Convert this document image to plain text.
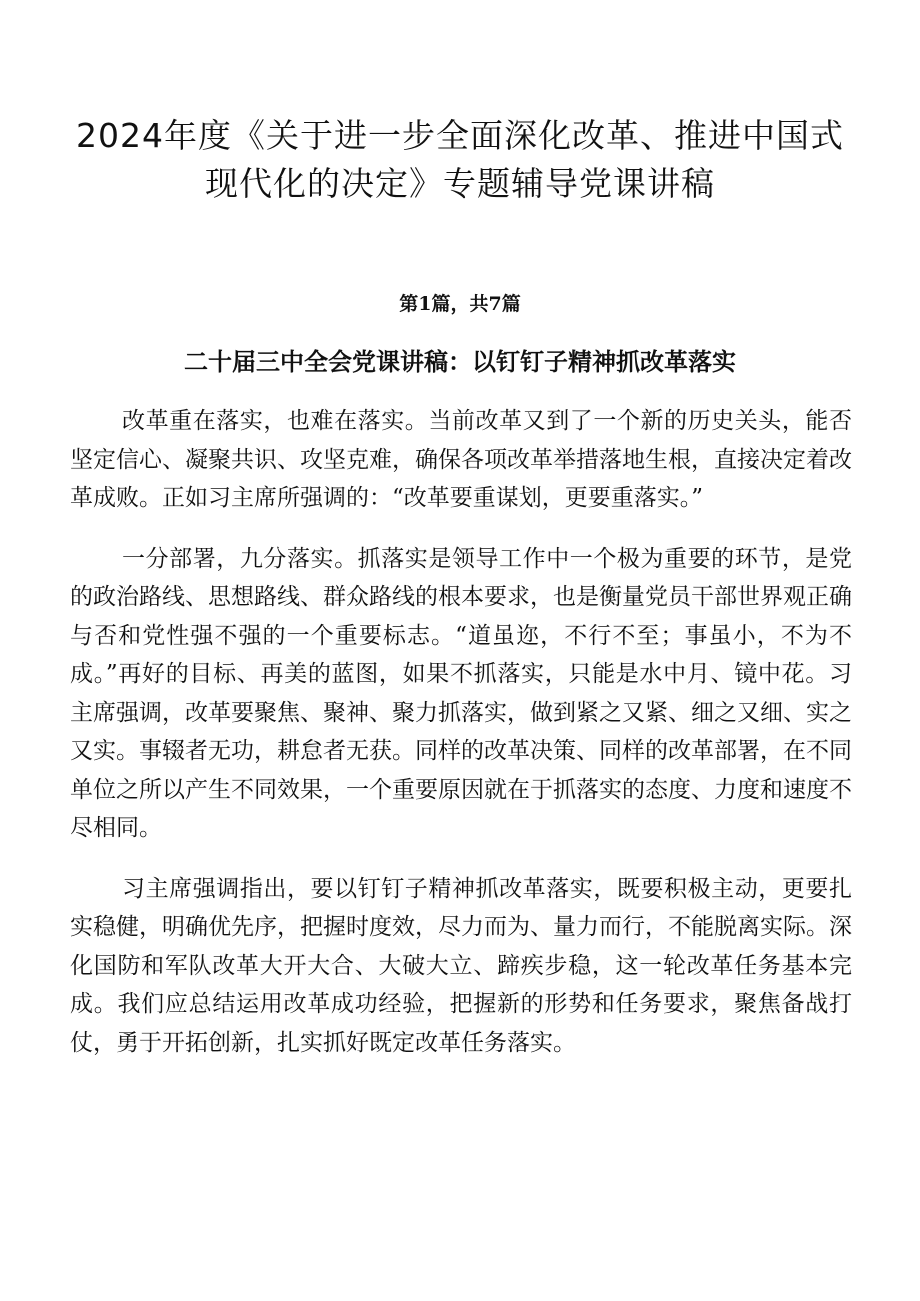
2024年度《关于进一步全面深化改革、推进中国式
现代化的决定》专题辅导党课讲稿
第1篇，共7篇
二十届三中全会党课讲稿：以钉钉子精神抓改革落实

改革重在落实，也难在落实。当前改革又到了一个新的历史关头，能否坚定信心、凝聚共识、攻坚克难，确保各项改革举措落地生根，直接决定着改革成败。正如习主席所强调的：“改革要重谋划，更要重落实。”

一分部署，九分落实。抓落实是领导工作中一个极为重要的环节，是党的政治路线、思想路线、群众路线的根本要求，也是衡量党员干部世界观正确与否和党性强不强的一个重要标志。“道虽迩，不行不至；事虽小，不为不成。”再好的目标、再美的蓝图，如果不抓落实，只能是水中月、镜中花。习主席强调，改革要聚焦、聚神、聚力抓落实，做到紧之又紧、细之又细、实之又实。事辍者无功，耕怠者无获。同样的改革决策、同样的改革部署，在不同单位之所以产生不同效果，一个重要原因就在于抓落实的态度、力度和速度不尽相同。

习主席强调指出，要以钉钉子精神抓改革落实，既要积极主动，更要扎实稳健，明确优先序，把握时度效，尽力而为、量力而行，不能脱离实际。深化国防和军队改革大开大合、大破大立、蹄疾步稳，这一轮改革任务基本完成。我们应总结运用改革成功经验，把握新的形势和任务要求，聚焦备战打仗，勇于开拓创新，扎实抓好既定改革任务落实。
